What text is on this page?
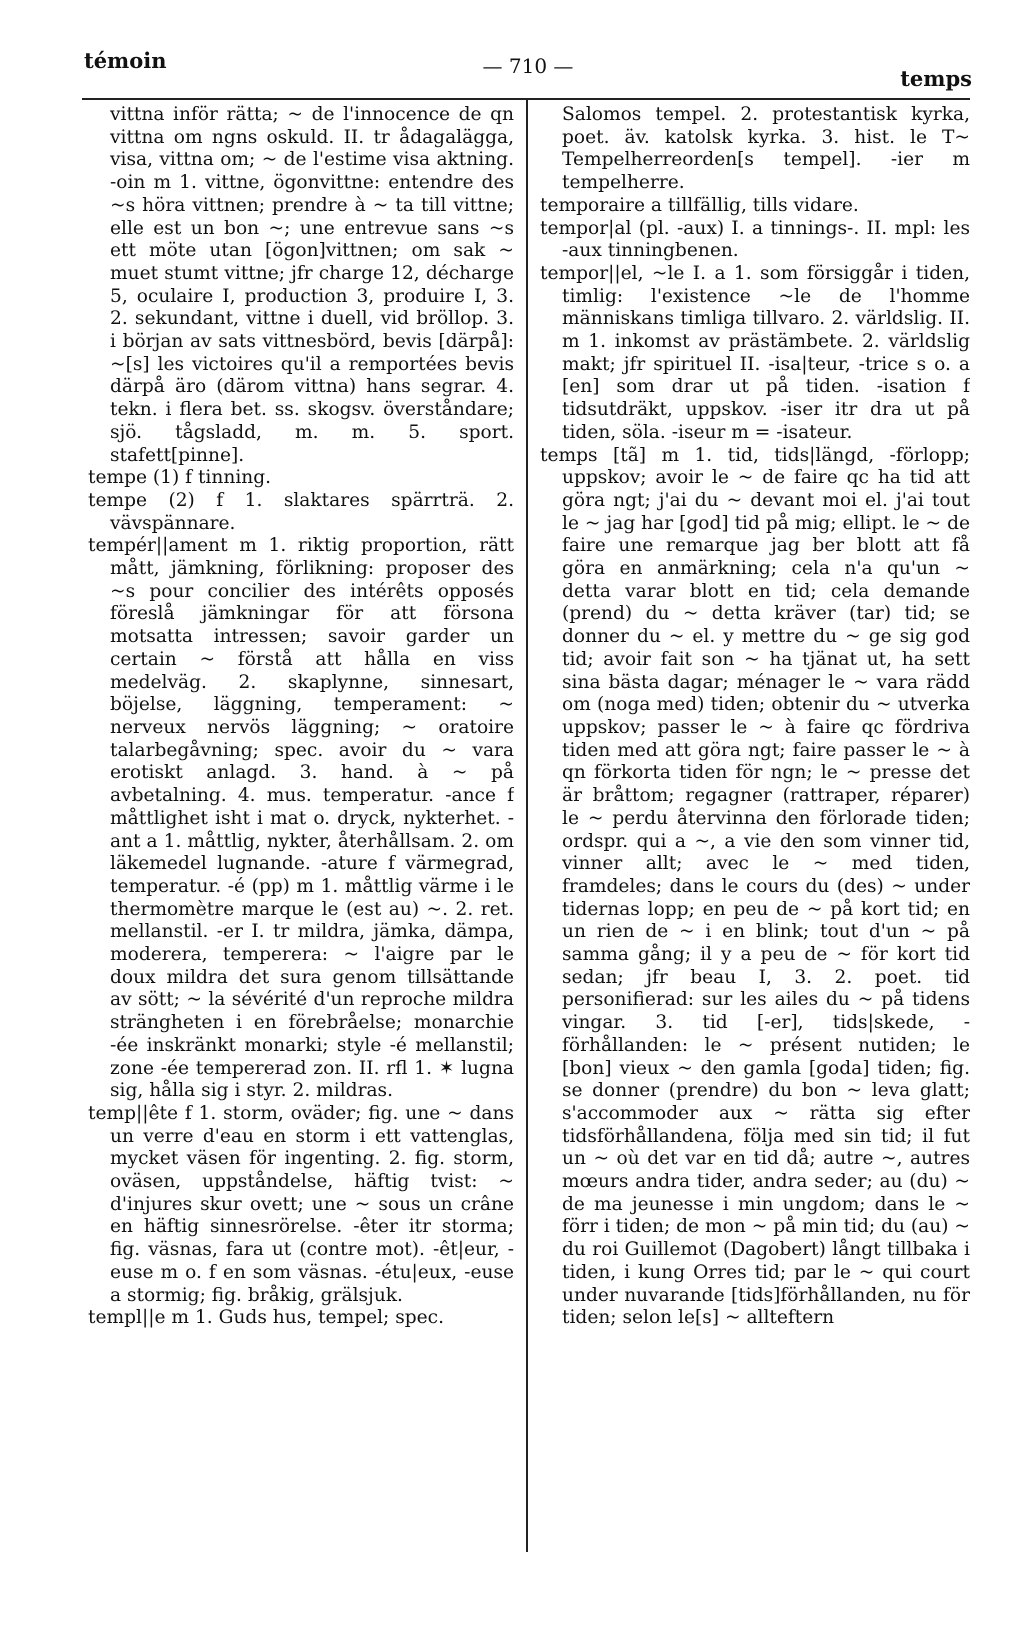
témoin	— 710 —	temps

vittna inför rätta; ~ de l'innocence de qn vittna om ngns oskuld. II. tr ådagalägga, visa, vittna om; ~ de l'estime visa aktning. -oin m 1. vittne, ögonvittne: entendre des ~s höra vittnen; prendre à ~ ta till vittne; elle est un bon ~; une entrevue sans ~s ett möte utan [ögon]vittnen; om sak ~ muet stumt vittne; jfr charge 12, décharge 5, oculaire I, production 3, produire I, 3. 2. sekundant, vittne i duell, vid bröllop. 3. i början av sats vittnesbörd, bevis [därpå]: ~[s] les victoires qu'il a remportées bevis därpå äro (därom vittna) hans segrar. 4. tekn. i flera bet. ss. skogsv. överståndare; sjö. tågsladd, m. m. 5. sport. stafett[pinne].

tempe (1) f tinning.

tempe (2) f 1. slaktares spärrträ. 2. vävspännare.

tempér||ament m 1. riktig proportion, rätt mått, jämkning, förlikning: proposer des ~s pour concilier des intérêts opposés föreslå jämkningar för att försona motsatta intressen; savoir garder un certain ~ förstå att hålla en viss medelväg. 2. skaplynne, sinnesart, böjelse, läggning, temperament: ~ nerveux nervös läggning; ~ oratoire talarbegåvning; spec. avoir du ~ vara erotiskt anlagd. 3. hand. à ~ på avbetalning. 4. mus. temperatur. -ance f måttlighet isht i mat o. dryck, nykterhet. -ant a 1. måttlig, nykter, återhållsam. 2. om läkemedel lugnande. -ature f värmegrad, temperatur. -é (pp) m 1. måttlig värme i le thermomètre marque le (est au) ~. 2. ret. mellanstil. -er I. tr mildra, jämka, dämpa, moderera, temperera: ~ l'aigre par le doux mildra det sura genom tillsättande av sött; ~ la sévérité d'un reproche mildra strängheten i en förebråelse; monarchie -ée inskränkt monarki; style -é mellanstil; zone -ée tempererad zon. II. rfl 1. ✶ lugna sig, hålla sig i styr. 2. mildras.

temp||ête f 1. storm, oväder; fig. une ~ dans un verre d'eau en storm i ett vattenglas, mycket väsen för ingenting. 2. fig. storm, oväsen, uppståndelse, häftig tvist: ~ d'injures skur ovett; une ~ sous un crâne en häftig sinnesrörelse. -êter itr storma; fig. väsnas, fara ut (contre mot). -êt|eur, -euse m o. f en som väsnas. -étu|eux, -euse a stormig; fig. bråkig, grälsjuk.

templ||e m 1. Guds hus, tempel; spec.

Salomos tempel. 2. protestantisk kyrka, poet. äv. katolsk kyrka. 3. hist. le T~ Tempelherreorden[s tempel]. -ier m tempelherre.

temporaire a tillfällig, tills vidare.

tempor|al (pl. -aux) I. a tinnings-. II. mpl: les -aux tinningbenen.

tempor||el, ~le I. a 1. som försiggår i tiden, timlig: l'existence ~le de l'homme människans timliga tillvaro. 2. världslig. II. m 1. inkomst av prästämbete. 2. världslig makt; jfr spirituel II. -isa|teur, -trice s o. a [en] som drar ut på tiden. -isation f tidsutdräkt, uppskov. -iser itr dra ut på tiden, söla. -iseur m = -isateur.

temps [tã] m 1. tid, tids|längd, -förlopp; uppskov; avoir le ~ de faire qc ha tid att göra ngt; j'ai du ~ devant moi el. j'ai tout le ~ jag har [god] tid på mig; ellipt. le ~ de faire une remarque jag ber blott att få göra en anmärkning; cela n'a qu'un ~ detta varar blott en tid; cela demande (prend) du ~ detta kräver (tar) tid; se donner du ~ el. y mettre du ~ ge sig god tid; avoir fait son ~ ha tjänat ut, ha sett sina bästa dagar; ménager le ~ vara rädd om (noga med) tiden; obtenir du ~ utverka uppskov; passer le ~ à faire qc fördriva tiden med att göra ngt; faire passer le ~ à qn förkorta tiden för ngn; le ~ presse det är bråttom; regagner (rattraper, réparer) le ~ perdu återvinna den förlorade tiden; ordspr. qui a ~, a vie den som vinner tid, vinner allt; avec le ~ med tiden, framdeles; dans le cours du (des) ~ under tidernas lopp; en peu de ~ på kort tid; en un rien de ~ i en blink; tout d'un ~ på samma gång; il y a peu de ~ för kort tid sedan; jfr beau I, 3. 2. poet. tid personifierad: sur les ailes du ~ på tidens vingar. 3. tid [-er], tids|skede, -förhållanden: le ~ présent nutiden; le [bon] vieux ~ den gamla [goda] tiden; fig. se donner (prendre) du bon ~ leva glatt; s'accommoder aux ~ rätta sig efter tidsförhållandena, följa med sin tid; il fut un ~ où det var en tid då; autre ~, autres mœurs andra tider, andra seder; au (du) ~ de ma jeunesse i min ungdom; dans le ~ förr i tiden; de mon ~ på min tid; du (au) ~ du roi Guillemot (Dagobert) långt tillbaka i tiden, i kung Orres tid; par le ~ qui court under nuvarande [tids]förhållanden, nu för tiden; selon le[s] ~ allteftern
